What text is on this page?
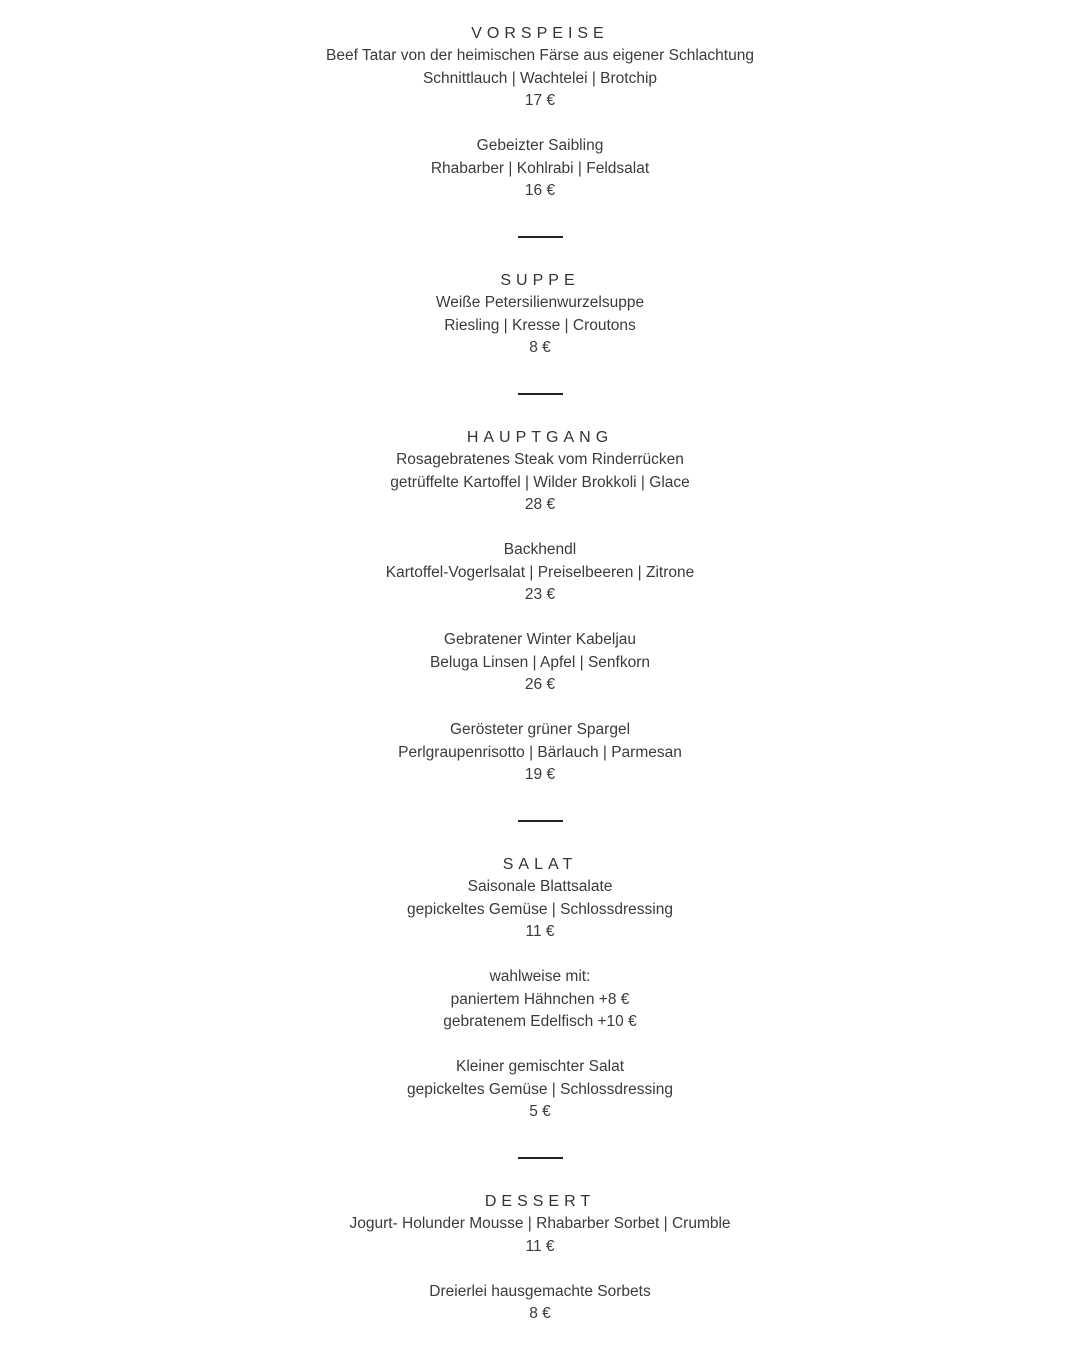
VORSPEISE

Beef Tatar von der heimischen Färse aus eigener Schlachtung

Schnittlauch | Wachtelei | Brotchip

17 €

Gebeizter Saibling

Rhabarber | Kohlrabi | Feldsalat

16 €

SUPPE

Weiße Petersilienwurzelsuppe

Riesling | Kresse | Croutons

8 €

HAUPTGANG

Rosagebratenes Steak vom Rinderrücken

getrüffelte Kartoffel | Wilder Brokkoli | Glace

28 €

Backhendl

Kartoffel-Vogerlsalat | Preiselbeeren | Zitrone

23 €

Gebratener Winter Kabeljau

Beluga Linsen | Apfel | Senfkorn

26 €

Gerösteter grüner Spargel

Perlgraupenrisotto | Bärlauch | Parmesan

19 €

SALAT

Saisonale Blattsalate

gepickeltes Gemüse | Schlossdressing

11 €

wahlweise mit:

paniertem Hähnchen +8 €

gebratenem Edelfisch +10 €

Kleiner gemischter Salat

gepickeltes Gemüse | Schlossdressing

5 €

DESSERT

Jogurt- Holunder Mousse | Rhabarber Sorbet | Crumble

11 €

Dreierlei hausgemachte Sorbets

8 €
